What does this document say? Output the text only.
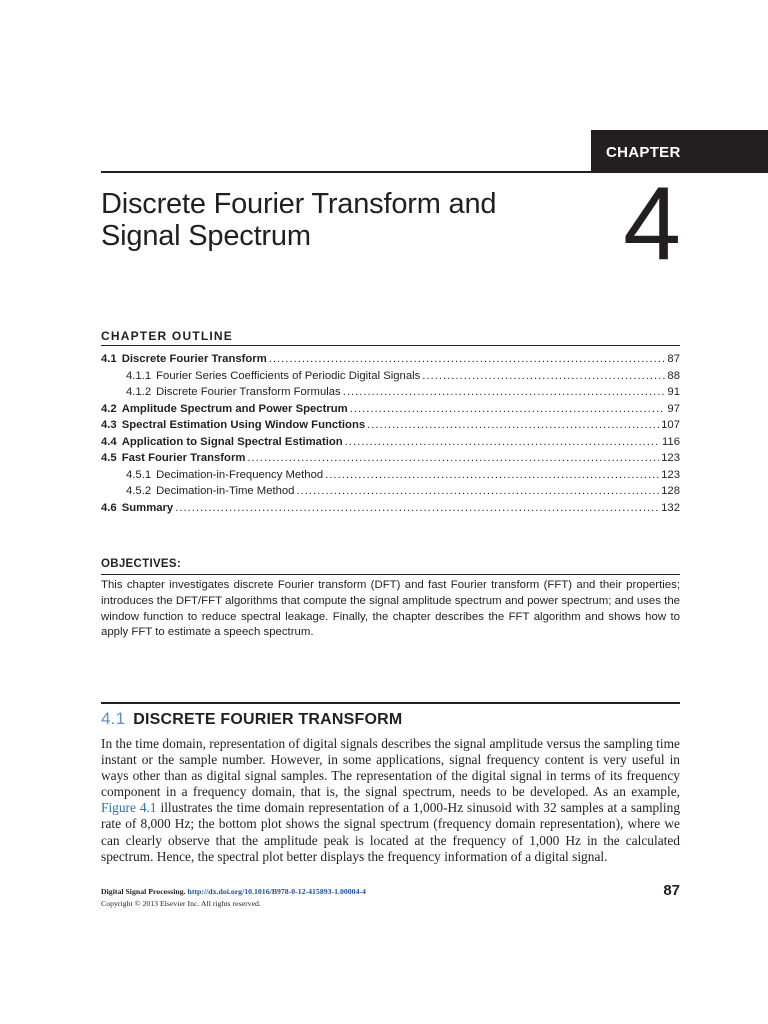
CHAPTER
Discrete Fourier Transform and
Signal Spectrum	4
CHAPTER OUTLINE
4.1 Discrete Fourier Transform .....	87
4.1.1 Fourier Series Coefficients of Periodic Digital Signals .....	88
4.1.2 Discrete Fourier Transform Formulas .....	91
4.2 Amplitude Spectrum and Power Spectrum .....	97
4.3 Spectral Estimation Using Window Functions .....	107
4.4 Application to Signal Spectral Estimation .....	116
4.5 Fast Fourier Transform .....	123
4.5.1 Decimation-in-Frequency Method .....	123
4.5.2 Decimation-in-Time Method .....	128
4.6 Summary .....	132
OBJECTIVES:

This chapter investigates discrete Fourier transform (DFT) and fast Fourier transform (FFT) and their properties; introduces the DFT/FFT algorithms that compute the signal amplitude spectrum and power spectrum; and uses the window function to reduce spectral leakage. Finally, the chapter describes the FFT algorithm and shows how to apply FFT to estimate a speech spectrum.

4.1 DISCRETE FOURIER TRANSFORM

In the time domain, representation of digital signals describes the signal amplitude versus the sampling time instant or the sample number. However, in some applications, signal frequency content is very useful in ways other than as digital signal samples. The representation of the digital signal in terms of its frequency component in a frequency domain, that is, the signal spectrum, needs to be developed. As an example, Figure 4.1 illustrates the time domain representation of a 1,000-Hz sinusoid with 32 samples at a sampling rate of 8,000 Hz; the bottom plot shows the signal spectrum (frequency domain representation), where we can clearly observe that the amplitude peak is located at the frequency of 1,000 Hz in the calculated spectrum. Hence, the spectral plot better displays the frequency information of a digital signal.

Digital Signal Processing. http://dx.doi.org/10.1016/B978-0-12-415893-1.00004-4
Copyright © 2013 Elsevier Inc. All rights reserved.
87
